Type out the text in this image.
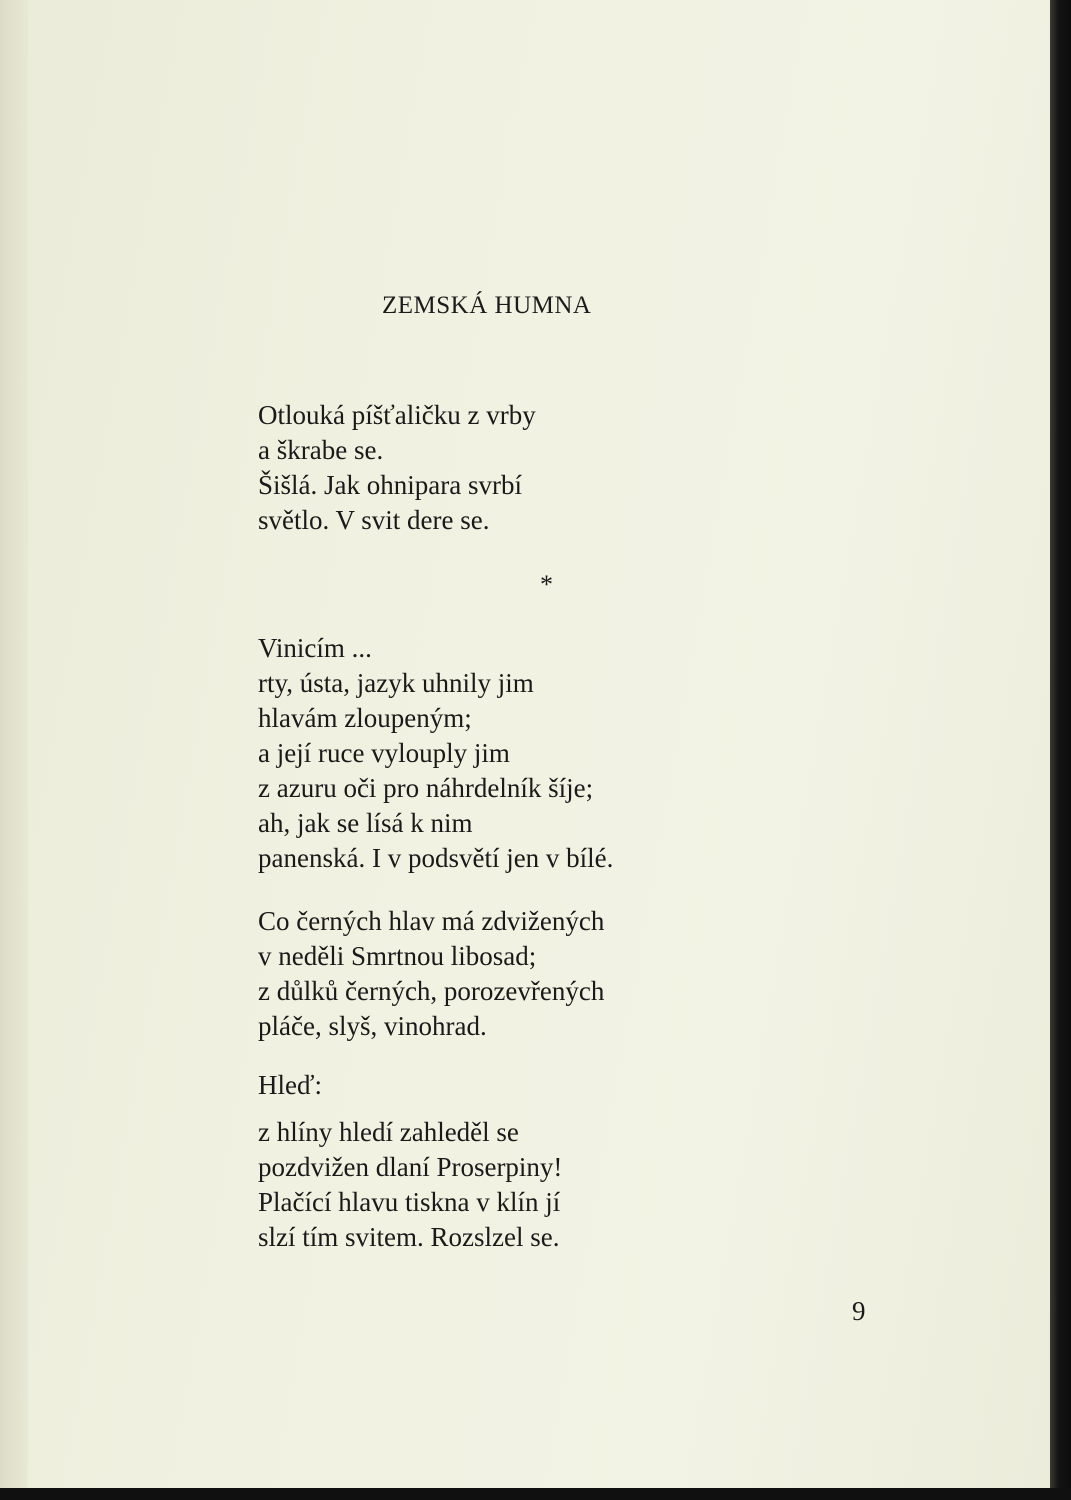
ZEMSKÁ HUMNA
Otlouká píšťaličku z vrby
a škrabe se.
Šišlá. Jak ohnipara svrbí
světlo. V svit dere se.
*
Vinicím ...
rty, ústa, jazyk uhnily jim
hlavám zloupeným;
a její ruce vylouply jim
z azuru oči pro náhrdelník šíje;
ah, jak se lísá k nim
panenská. I v podsvětí jen v bílé.
Co černých hlav má zdvižených
v neděli Smrtnou libosad;
z důlků černých, porozevřených
pláče, slyš, vinohrad.
Hleď:
z hlíny hledí zahleděl se
pozdvižen dlaní Proserpiny!
Plačící hlavu tiskna v klín jí
slzí tím svitem. Rozslzel se.
9
